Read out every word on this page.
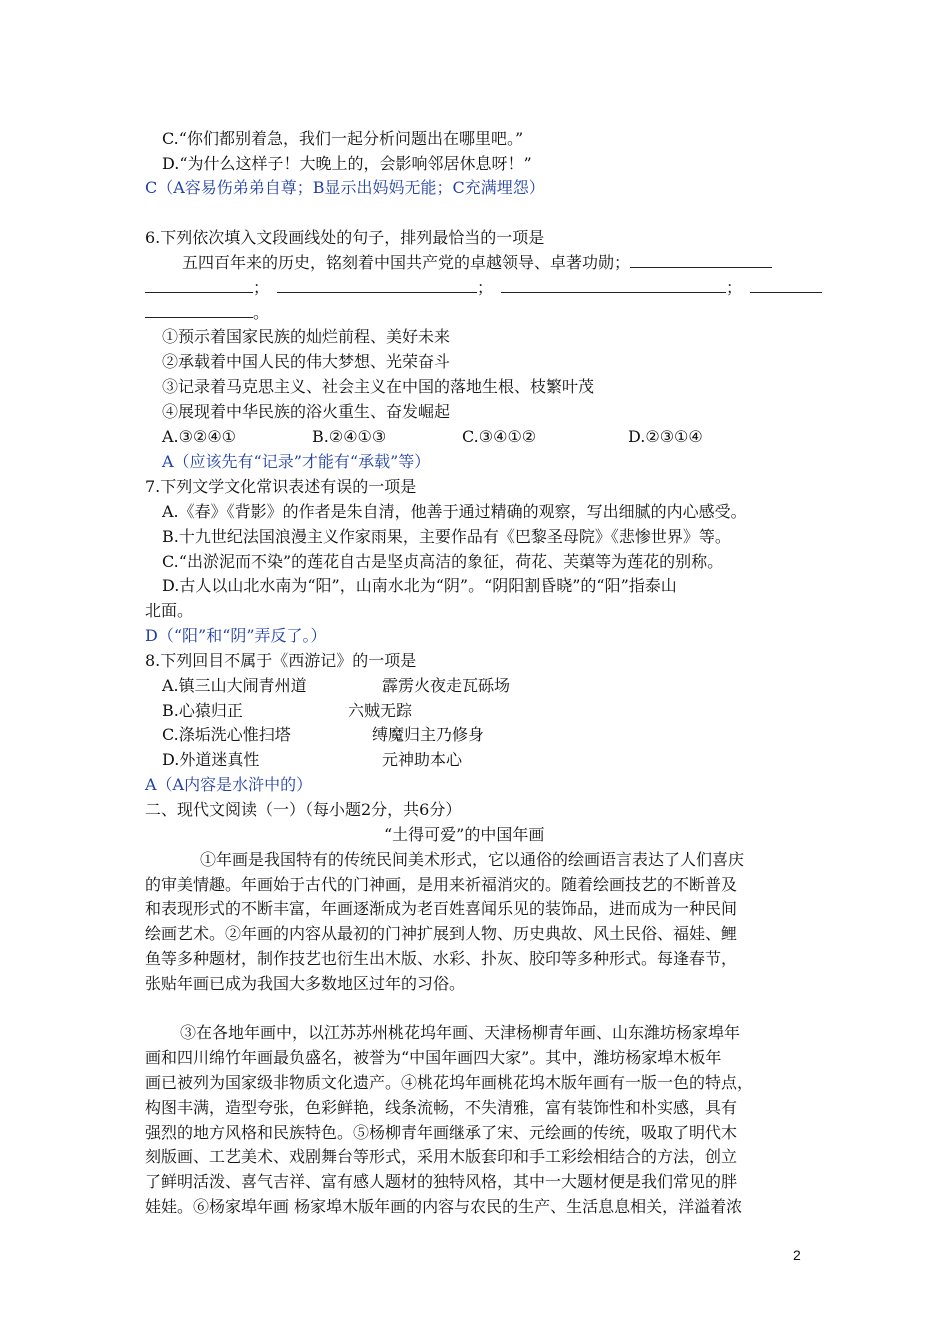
C.“你们都别着急，我们一起分析问题出在哪里吧。”
D.“为什么这样子！大晚上的，会影响邻居休息呀！”
C（A容易伤弟弟自尊；B显示出妈妈无能；C充满埋怨）
6.下列依次填入文段画线处的句子，排列最恰当的一项是
五四百年来的历史，铭刻着中国共产党的卓越领导、卓著功勋；
；	；	；
。
①预示着国家民族的灿烂前程、美好未来
②承载着中国人民的伟大梦想、光荣奋斗
③记录着马克思主义、社会主义在中国的落地生根、枝繁叶茂
④展现着中华民族的浴火重生、奋发崛起
A.③②④①	B.②④①③	C.③④①②	D.②③①④
A（应该先有“记录”才能有“承载”等）
7.下列文学文化常识表述有误的一项是
A.《春》《背影》的作者是朱自清，他善于通过精确的观察，写出细腻的内心感受。
B.十九世纪法国浪漫主义作家雨果，主要作品有《巴黎圣母院》《悲惨世界》等。
C.“出淤泥而不染”的莲花自古是坚贞高洁的象征，荷花、芙蕖等为莲花的别称。
D.古人以山北水南为“阳”，山南水北为“阴”。“阴阳割昏晓”的“阳”指泰山
北面。
D（“阳”和“阴”弄反了。）
8.下列回目不属于《西游记》的一项是
A.镇三山大闹青州道	霹雳火夜走瓦砾场
B.心猿归正	六贼无踪
C.涤垢洗心惟扫塔	缚魔归主乃修身
D.外道迷真性	元神助本心
A（A内容是水浒中的）
二、现代文阅读（一）（每小题2分，共6分）
“土得可爱”的中国年画
①年画是我国特有的传统民间美术形式，它以通俗的绘画语言表达了人们喜庆
的审美情趣。年画始于古代的门神画，是用来祈福消灾的。随着绘画技艺的不断普及
和表现形式的不断丰富，年画逐渐成为老百姓喜闻乐见的装饰品，进而成为一种民间
绘画艺术。②年画的内容从最初的门神扩展到人物、历史典故、风土民俗、福娃、鲤
鱼等多种题材，制作技艺也衍生出木版、水彩、扑灰、胶印等多种形式。每逢春节，
张贴年画已成为我国大多数地区过年的习俗。
③在各地年画中，以江苏苏州桃花坞年画、天津杨柳青年画、山东潍坊杨家埠年
画和四川绵竹年画最负盛名，被誉为“中国年画四大家”。其中，潍坊杨家埠木板年
画已被列为国家级非物质文化遗产。④桃花坞年画桃花坞木版年画有一版一色的特点，
构图丰满，造型夸张，色彩鲜艳，线条流畅，不失清雅，富有装饰性和朴实感，具有
强烈的地方风格和民族特色。⑤杨柳青年画继承了宋、元绘画的传统，吸取了明代木
刻版画、工艺美术、戏剧舞台等形式，采用木版套印和手工彩绘相结合的方法，创立
了鲜明活泼、喜气吉祥、富有感人题材的独特风格，其中一大题材便是我们常见的胖
娃娃。⑥杨家埠年画 杨家埠木版年画的内容与农民的生产、生活息息相关，洋溢着浓
2
